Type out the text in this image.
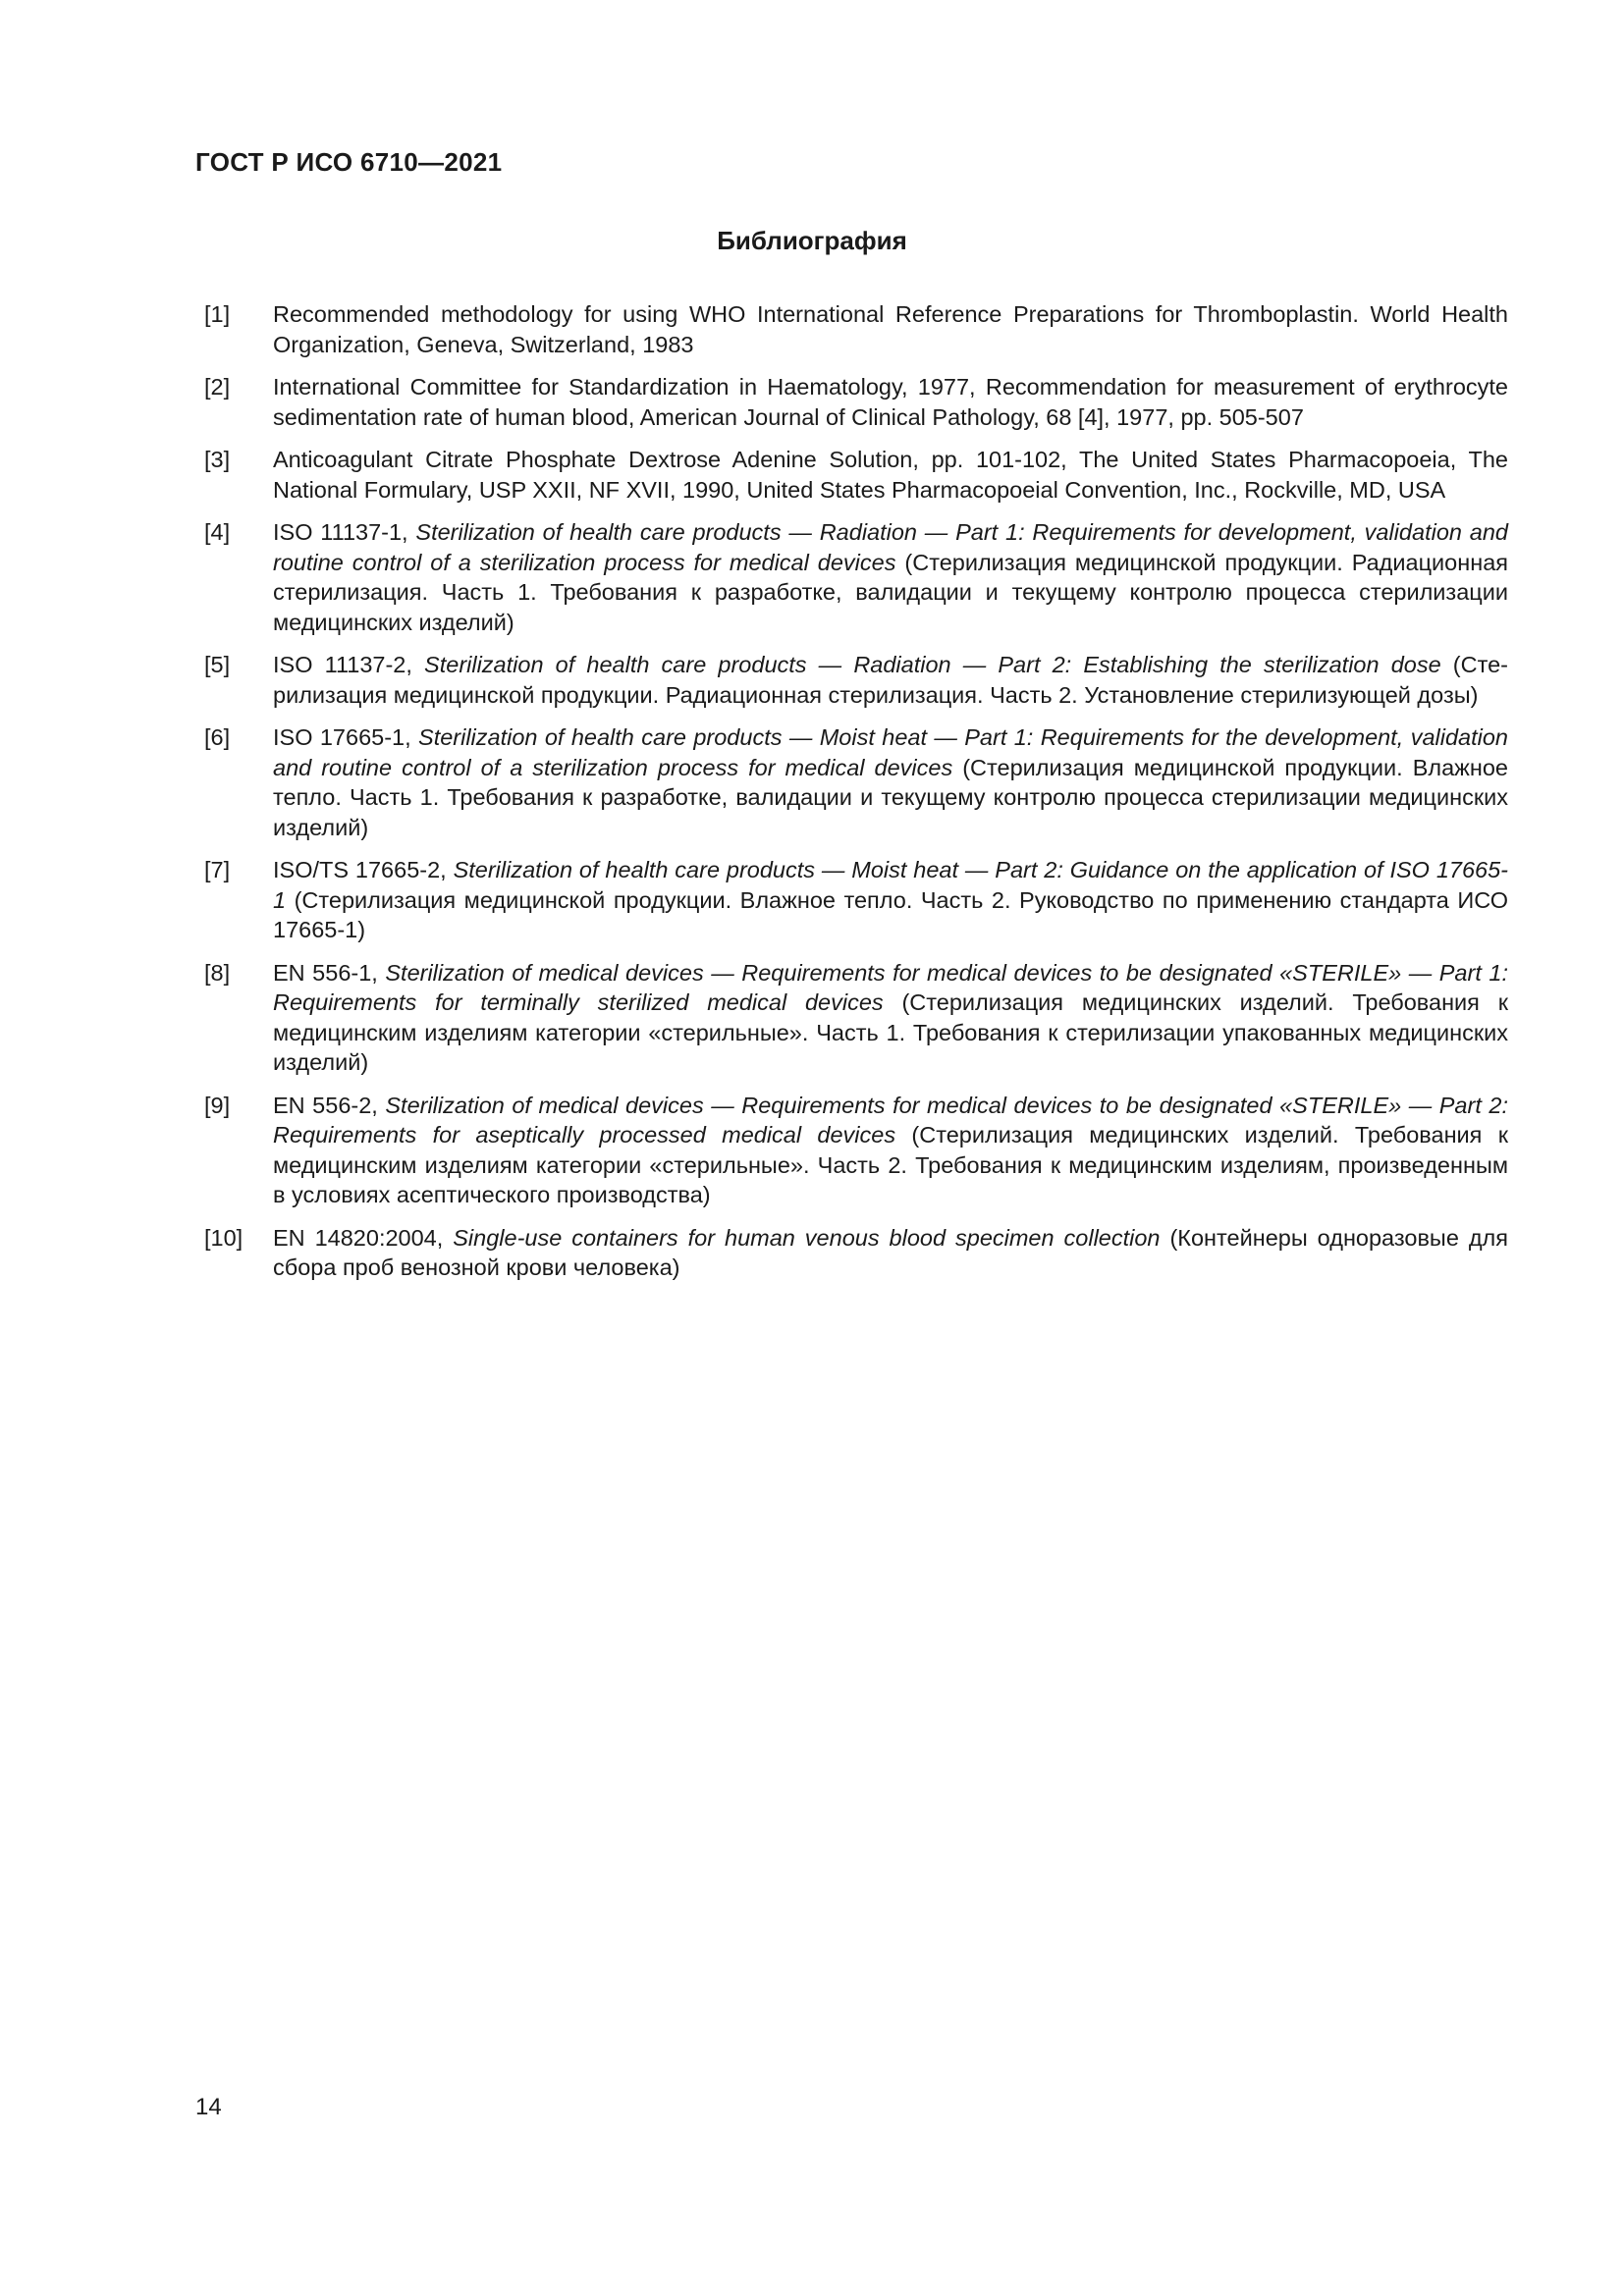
ГОСТ Р ИСО 6710—2021
Библиография
[1]	Recommended methodology for using WHO International Reference Preparations for Thromboplastin. World Health Organization, Geneva, Switzerland, 1983
[2]	International Committee for Standardization in Haematology, 1977, Recommendation for measurement of erythrocyte sedimentation rate of human blood, American Journal of Clinical Pathology, 68 [4], 1977, pp. 505-507
[3]	Anticoagulant Citrate Phosphate Dextrose Adenine Solution, pp. 101-102, The United States Pharmacopoeia, The National Formulary, USP XXII, NF XVII, 1990, United States Pharmacopoeial Convention, Inc., Rockville, MD, USA
[4]	ISO 11137-1, Sterilization of health care products — Radiation — Part 1: Requirements for development, validation and routine control of a sterilization process for medical devices (Стерилизация медицинской продукции. Радиационная стерилизация. Часть 1. Требования к разработке, валидации и текущему контролю процесса стерилизации медицинских изделий)
[5]	ISO 11137-2, Sterilization of health care products — Radiation — Part 2: Establishing the sterilization dose (Стерилизация медицинской продукции. Радиационная стерилизация. Часть 2. Установление стерилизующей дозы)
[6]	ISO 17665-1, Sterilization of health care products — Moist heat — Part 1: Requirements for the development, validation and routine control of a sterilization process for medical devices (Стерилизация медицинской продукции. Влажное тепло. Часть 1. Требования к разработке, валидации и текущему контролю процесса стерилизации медицинских изделий)
[7]	ISO/TS 17665-2, Sterilization of health care products — Moist heat — Part 2: Guidance on the application of ISO 17665-1 (Стерилизация медицинской продукции. Влажное тепло. Часть 2. Руководство по применению стандарта ИСО 17665-1)
[8]	EN 556-1, Sterilization of medical devices — Requirements for medical devices to be designated «STERILE» — Part 1: Requirements for terminally sterilized medical devices (Стерилизация медицинских изделий. Требования к медицинским изделиям категории «стерильные». Часть 1. Требования к стерилизации упакованных медицинских изделий)
[9]	EN 556-2, Sterilization of medical devices — Requirements for medical devices to be designated «STERILE» — Part 2: Requirements for aseptically processed medical devices (Стерилизация медицинских изделий. Требования к медицинским изделиям категории «стерильные». Часть 2. Требования к медицинским изделиям, произведенным в условиях асептического производства)
[10]	EN 14820:2004, Single-use containers for human venous blood specimen collection (Контейнеры одноразовые для сбора проб венозной крови человека)
14
